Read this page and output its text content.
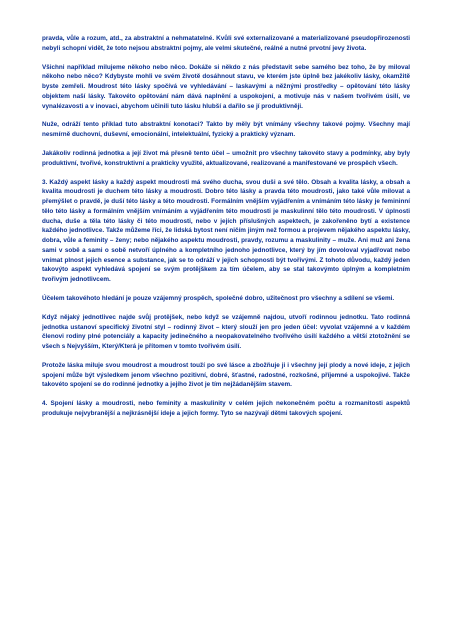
pravda, vůle a rozum, atd., za abstraktní a nehmatatelné. Kvůli své externalizované a materializované pseudopřirozenosti nebyli schopní vidět, že toto nejsou abstraktní pojmy, ale velmi skutečné, reálné a nutné prvotní jevy života.

Všichni například milujeme někoho nebo něco. Dokáže si někdo z nás představit sebe samého bez toho, že by miloval někoho nebo něco? Kdybyste mohli ve svém životě dosáhnout stavu, ve kterém jste úplně bez jakékoliv lásky, okamžitě byste zemřeli. Moudrost této lásky spočívá ve vyhledávání – laskavými a něžnými prostředky – opětování této lásky objektem naší lásky. Takovéto opětování nám dává naplnění a uspokojení, a motivuje nás v našem tvořivém úsilí, ve vynalézavosti a v inovaci, abychom učinili tuto lásku hlubší a dařilo se jí produktivněji.

Nuže, odráží tento příklad tuto abstraktní konotaci? Takto by měly být vnímány všechny takové pojmy. Všechny mají nesmírně duchovní, duševní, emocionální, intelektuální, fyzický a praktický význam.

Jakákoliv rodinná jednotka a její život má přesně tento účel – umožnit pro všechny takovéto stavy a podmínky, aby byly produktivní, tvořivé, konstruktivní a prakticky využité, aktualizované, realizované a manifestované ve prospěch všech.

3. Každý aspekt lásky a každý aspekt moudrosti má svého ducha, svou duši a své tělo. Obsah a kvalita lásky, a obsah a kvalita moudrosti je duchem této lásky a moudrosti. Dobro této lásky a pravda této moudrosti, jako také vůle milovat a přemýšlet o pravdě, je duší této lásky a této moudrosti. Formálním vnějším vyjádřením a vnímáním této lásky je femininní tělo této lásky a formálním vnějším vnímáním a vyjádřením této moudrosti je maskulinní tělo této moudrosti. V úplnosti ducha, duše a těla této lásky či této moudrosti, nebo v jejích příslušných aspektech, je zakořeněno bytí a existence každého jednotlivce. Takže můžeme říci, že lidská bytost není ničím jiným než formou a projevem nějakého aspektu lásky, dobra, vůle a feminity – ženy; nebo nějakého aspektu moudrosti, pravdy, rozumu a maskulinity – muže. Ani muž ani žena sami v sobě a sami o sobě netvoří úplného a kompletního jednoho jednotlivce, který by jím dovoloval vyjadřovat nebo vnímat plnost jejich esence a substance, jak se to odráží v jejich schopnosti být tvořivými. Z tohoto důvodu, každý jeden takovýto aspekt vyhledává spojení se svým protějškem za tím účelem, aby se stal takovýmto úplným a kompletním tvořivým jednotlivcem.

Účelem takovéhoto hledání je pouze vzájemný prospěch, společné dobro, užitečnost pro všechny a sdílení se všemi.

Když nějaký jednotlivec najde svůj protějšek, nebo když se vzájemně najdou, utvoří rodinnou jednotku. Tato rodinná jednotka ustanoví specifický životní styl – rodinný život – který slouží jen pro jeden účel: vyvolat vzájemné a v každém členovi rodiny plné potenciály a kapacity jedinečného a neopakovatelného tvořivého úsilí každého a větší ztotožnění se všech s Nejvyšším, Který/Která je přítomen v tomto tvořivém úsilí.

Protože láska miluje svou moudrost a moudrost touží po své lásce a zbožňuje ji i všechny její plody a nové ideje, z jejich spojení může být výsledkem jenom všechno pozitivní, dobré, šťastné, radostné, rozkošné, příjemné a uspokojivé. Takže takovéto spojení se do rodinné jednotky a jejího život je tím nejžádanějším stavem.

4. Spojení lásky a moudrosti, nebo feminity a maskulinity v celém jejich nekonečném počtu a rozmanitosti aspektů produkuje nejvybranější a nejkrásnější ideje a jejich formy. Tyto se nazývají dětmi takových spojení.
